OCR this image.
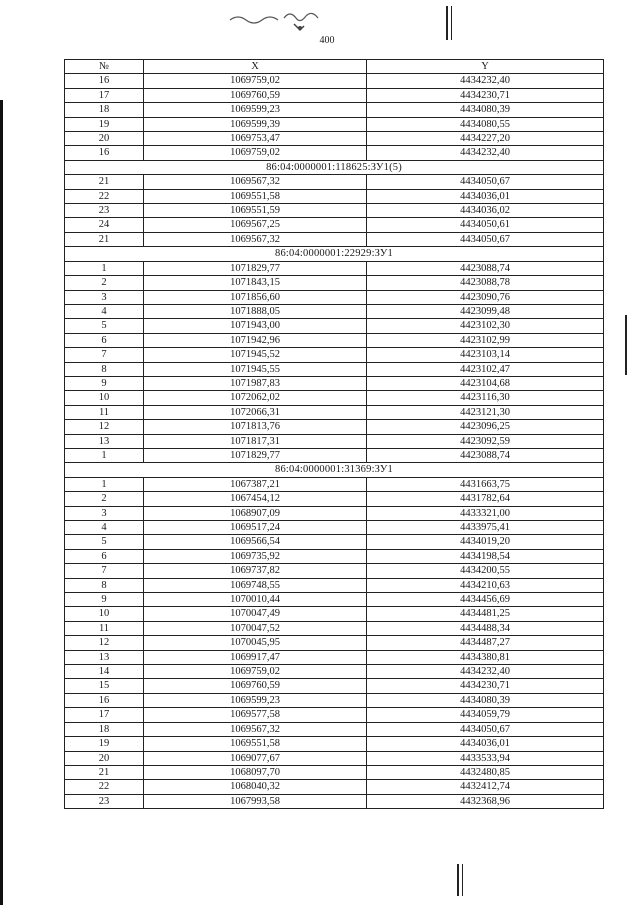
400
№	X	Y
16	1069759,02	4434232,40
17	1069760,59	4434230,71
18	1069599,23	4434080,39
19	1069599,39	4434080,55
20	1069753,47	4434227,20
16	1069759,02	4434232,40
86:04:0000001:118625:ЗУ1(5)		
21	1069567,32	4434050,67
22	1069551,58	4434036,01
23	1069551,59	4434036,02
24	1069567,25	4434050,61
21	1069567,32	4434050,67
86:04:0000001:22929:ЗУ1		
1	1071829,77	4423088,74
2	1071843,15	4423088,78
3	1071856,60	4423090,76
4	1071888,05	4423099,48
5	1071943,00	4423102,30
6	1071942,96	4423102,99
7	1071945,52	4423103,14
8	1071945,55	4423102,47
9	1071987,83	4423104,68
10	1072062,02	4423116,30
11	1072066,31	4423121,30
12	1071813,76	4423096,25
13	1071817,31	4423092,59
1	1071829,77	4423088,74
86:04:0000001:31369:ЗУ1		
1	1067387,21	4431663,75
2	1067454,12	4431782,64
3	1068907,09	4433321,00
4	1069517,24	4433975,41
5	1069566,54	4434019,20
6	1069735,92	4434198,54
7	1069737,82	4434200,55
8	1069748,55	4434210,63
9	1070010,44	4434456,69
10	1070047,49	4434481,25
11	1070047,52	4434488,34
12	1070045,95	4434487,27
13	1069917,47	4434380,81
14	1069759,02	4434232,40
15	1069760,59	4434230,71
16	1069599,23	4434080,39
17	1069577,58	4434059,79
18	1069567,32	4434050,67
19	1069551,58	4434036,01
20	1069077,67	4433533,94
21	1068097,70	4432480,85
22	1068040,32	4432412,74
23	1067993,58	4432368,96
